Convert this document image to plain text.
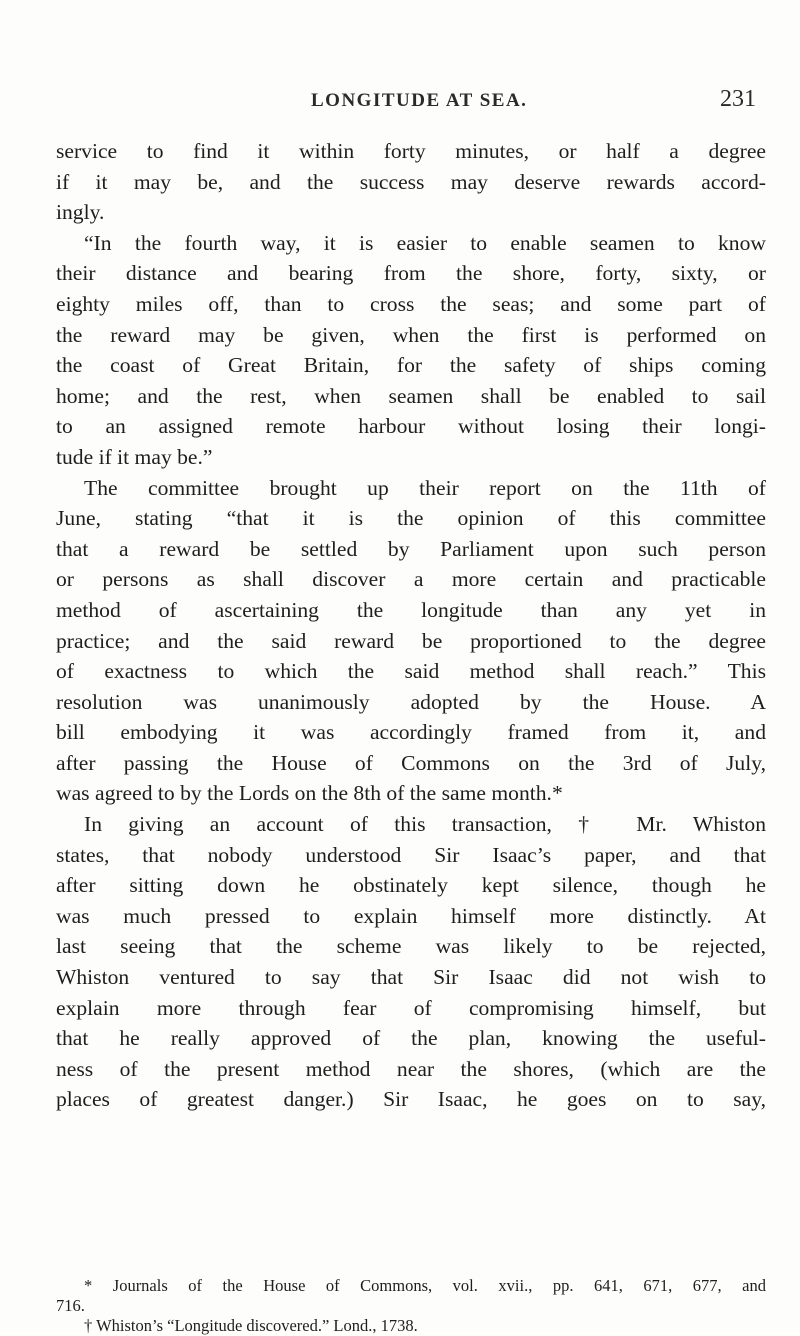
LONGITUDE AT SEA.	231
service to find it within forty minutes, or half a degree
if it may be, and the success may deserve rewards accord-
ingly.
“In the fourth way, it is easier to enable seamen to know
their distance and bearing from the shore, forty, sixty, or
eighty miles off, than to cross the seas; and some part of
the reward may be given, when the first is performed on
the coast of Great Britain, for the safety of ships coming
home; and the rest, when seamen shall be enabled to sail
to an assigned remote harbour without losing their longi-
tude if it may be.”
The committee brought up their report on the 11th of
June, stating “that it is the opinion of this committee
that a reward be settled by Parliament upon such person
or persons as shall discover a more certain and practicable
method of ascertaining the longitude than any yet in
practice; and the said reward be proportioned to the degree
of exactness to which the said method shall reach.” This
resolution was unanimously adopted by the House. A
bill embodying it was accordingly framed from it, and
after passing the House of Commons on the 3rd of July,
was agreed to by the Lords on the 8th of the same month.*
In giving an account of this transaction, † Mr. Whiston
states, that nobody understood Sir Isaac’s paper, and that
after sitting down he obstinately kept silence, though he
was much pressed to explain himself more distinctly. At
last seeing that the scheme was likely to be rejected,
Whiston ventured to say that Sir Isaac did not wish to
explain more through fear of compromising himself, but
that he really approved of the plan, knowing the useful-
ness of the present method near the shores, (which are the
places of greatest danger.) Sir Isaac, he goes on to say,
* Journals of the House of Commons, vol. xvii., pp. 641, 671, 677, and
716.
† Whiston’s “Longitude discovered.” Lond., 1738.
